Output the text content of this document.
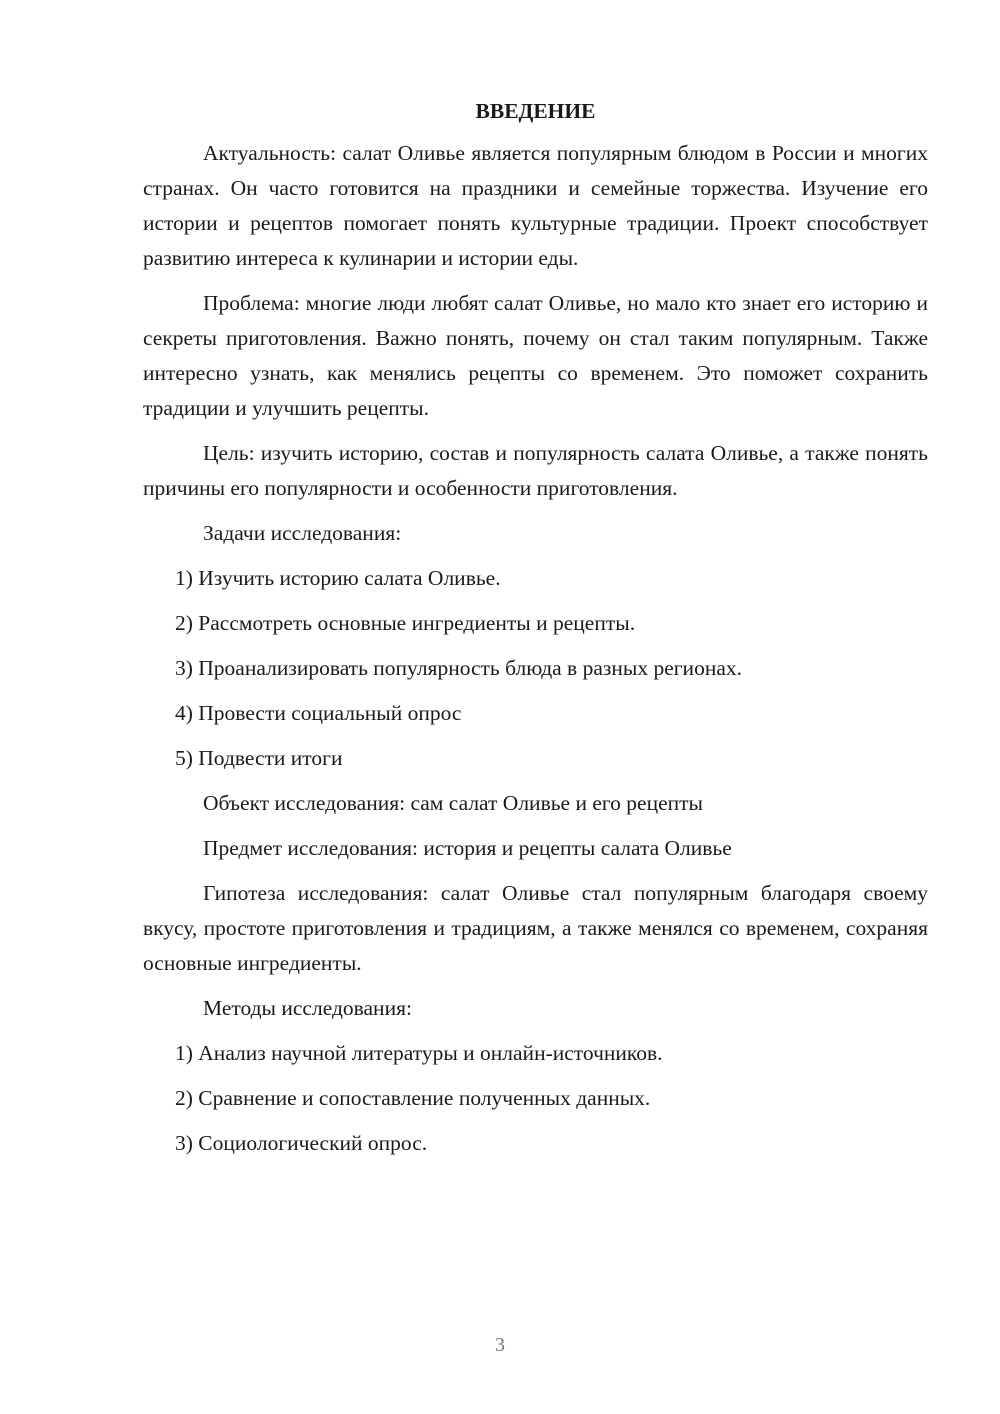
ВВЕДЕНИЕ

Актуальность: салат Оливье является популярным блюдом в России и многих странах. Он часто готовится на праздники и семейные торжества. Изучение его истории и рецептов помогает понять культурные традиции. Проект способствует развитию интереса к кулинарии и истории еды.

Проблема: многие люди любят салат Оливье, но мало кто знает его историю и секреты приготовления. Важно понять, почему он стал таким популярным. Также интересно узнать, как менялись рецепты со временем. Это поможет сохранить традиции и улучшить рецепты.

Цель: изучить историю, состав и популярность салата Оливье, а также понять причины его популярности и особенности приготовления.

Задачи исследования:

1) Изучить историю салата Оливье.

2) Рассмотреть основные ингредиенты и рецепты.

3) Проанализировать популярность блюда в разных регионах.

4) Провести социальный опрос

5) Подвести итоги

Объект исследования: сам салат Оливье и его рецепты

Предмет исследования: история и рецепты салата Оливье

Гипотеза исследования: салат Оливье стал популярным благодаря своему вкусу, простоте приготовления и традициям, а также менялся со временем, сохраняя основные ингредиенты.

Методы исследования:

1) Анализ научной литературы и онлайн-источников.

2) Сравнение и сопоставление полученных данных.

3) Социологический опрос.

3
